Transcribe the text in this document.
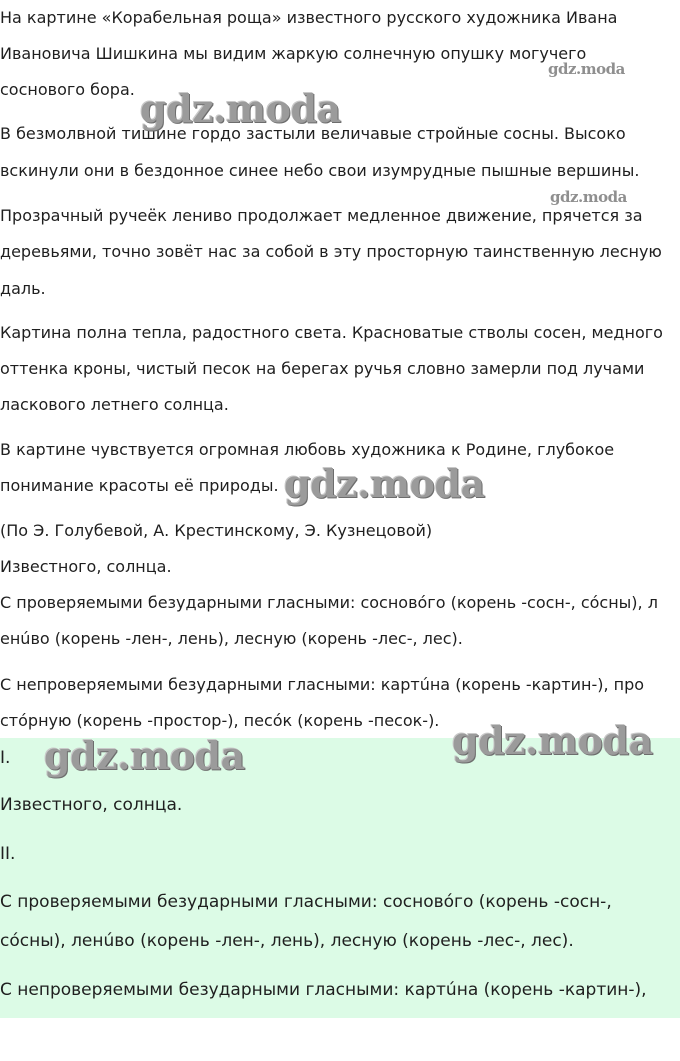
На картине «Корабельная роща» известного русского художника Ивана

Ивановича Шишкина мы видим жаркую солнечную опушку могучего

соснового бора.

В безмолвной тишине гордо застыли величавые стройные сосны. Высоко

вскинули они в бездонное синее небо свои изумрудные пышные вершины.

Прозрачный ручеёк лениво продолжает медленное движение, прячется за

деревьями, точно зовёт нас за собой в эту просторную таинственную лесную

даль.

Картина полна тепла, радостного света. Красноватые стволы сосен, медного

оттенка кроны, чистый песок на берегах ручья словно замерли под лучами

ласкового летнего солнца.

В картине чувствуется огромная любовь художника к Родине, глубокое

понимание красоты её природы.

(По Э. Голубевой, А. Крестинскому, Э. Кузнецовой)

Известного, солнца.

С проверяемыми безударными гласными: сосновόго (корень -сосн-, сόсны), л

енúво (корень -лен-, лень), лесную (корень -лес-, лес).

С непроверяемыми безударными гласными: картúна (корень -картин-), про

стόрную (корень -простор-), песόк (корень -песок-).

I.

Известного, солнца.

II.

С проверяемыми безударными гласными: сосновόго (корень -сосн-,

сόсны), ленúво (корень -лен-, лень), лесную (корень -лес-, лес).

С непроверяемыми безударными гласными: картúна (корень -картин-),

gdz.moda
gdz.moda
gdz.moda
gdz.moda
gdz.moda
gdz.moda
